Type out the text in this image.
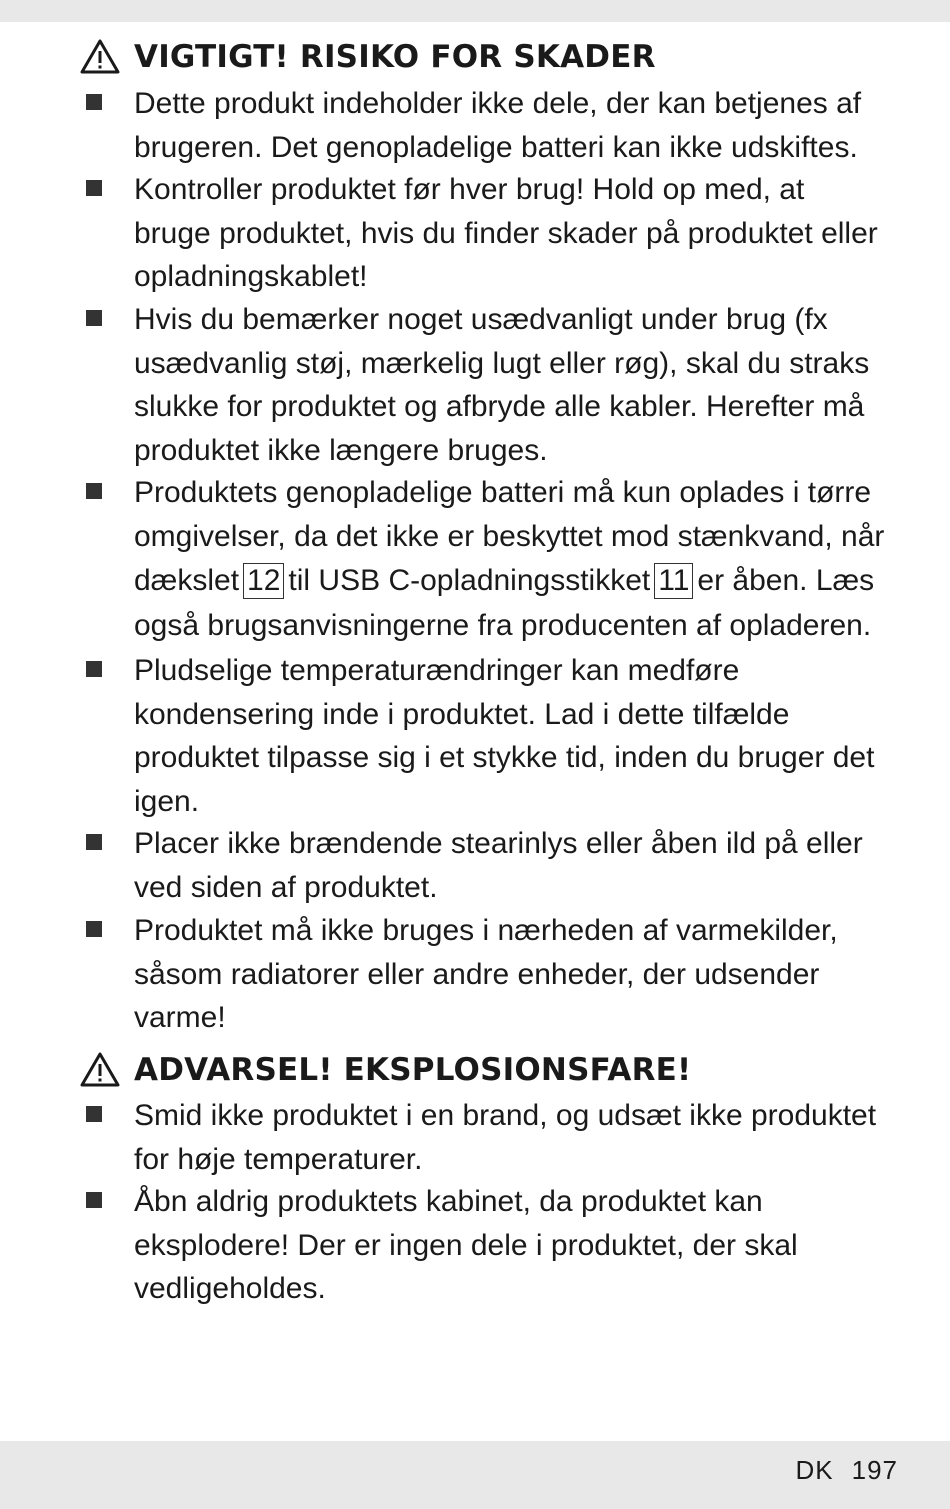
VIGTIGT! RISIKO FOR SKADER
Dette produkt indeholder ikke dele, der kan betjenes af
brugeren. Det genopladelige batteri kan ikke udskiftes.
Kontroller produktet før hver brug! Hold op med, at
bruge produktet, hvis du finder skader på produktet eller
opladningskablet!
Hvis du bemærker noget usædvanligt under brug (fx
usædvanlig støj, mærkelig lugt eller røg), skal du straks
slukke for produktet og afbryde alle kabler. Herefter må
produktet ikke længere bruges.
Produktets genopladelige batteri må kun oplades i tørre
omgivelser, da det ikke er beskyttet mod stænkvand, når
dækslet 12 til USB C-opladningsstikket 11 er åben. Læs
også brugsanvisningerne fra producenten af opladeren.
Pludselige temperaturændringer kan medføre
kondensering inde i produktet. Lad i dette tilfælde
produktet tilpasse sig i et stykke tid, inden du bruger det
igen.
Placer ikke brændende stearinlys eller åben ild på eller
ved siden af produktet.
Produktet må ikke bruges i nærheden af varmekilder,
såsom radiatorer eller andre enheder, der udsender
varme!
ADVARSEL! EKSPLOSIONSFARE!
Smid ikke produktet i en brand, og udsæt ikke produktet
for høje temperaturer.
Åbn aldrig produktets kabinet, da produktet kan
eksplodere! Der er ingen dele i produktet, der skal
vedligeholdes.
DK 197
